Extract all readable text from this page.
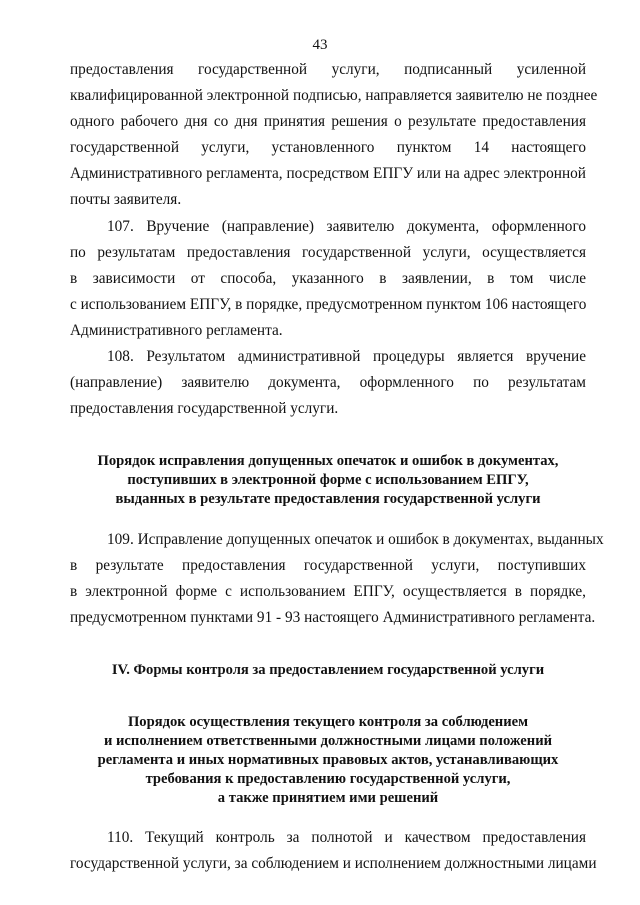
43
предоставления государственной услуги, подписанный усиленной
квалифицированной электронной подписью, направляется заявителю не позднее
одного рабочего дня со дня принятия решения о результате предоставления
государственной услуги, установленного пунктом 14 настоящего
Административного регламента, посредством ЕПГУ или на адрес электронной
почты заявителя.
107. Вручение (направление) заявителю документа, оформленного
по результатам предоставления государственной услуги, осуществляется
в зависимости от способа, указанного в заявлении, в том числе
с использованием ЕПГУ, в порядке, предусмотренном пунктом 106 настоящего
Административного регламента.
108. Результатом административной процедуры является вручение
(направление) заявителю документа, оформленного по результатам
предоставления государственной услуги.
Порядок исправления допущенных опечаток и ошибок в документах,
поступивших в электронной форме с использованием ЕПГУ,
выданных в результате предоставления государственной услуги
109. Исправление допущенных опечаток и ошибок в документах, выданных
в результате предоставления государственной услуги, поступивших
в электронной форме с использованием ЕПГУ, осуществляется в порядке,
предусмотренном пунктами 91 - 93 настоящего Административного регламента.
IV. Формы контроля за предоставлением государственной услуги
Порядок осуществления текущего контроля за соблюдением
и исполнением ответственными должностными лицами положений
регламента и иных нормативных правовых актов, устанавливающих
требования к предоставлению государственной услуги,
а также принятием ими решений
110. Текущий контроль за полнотой и качеством предоставления
государственной услуги, за соблюдением и исполнением должностными лицами
